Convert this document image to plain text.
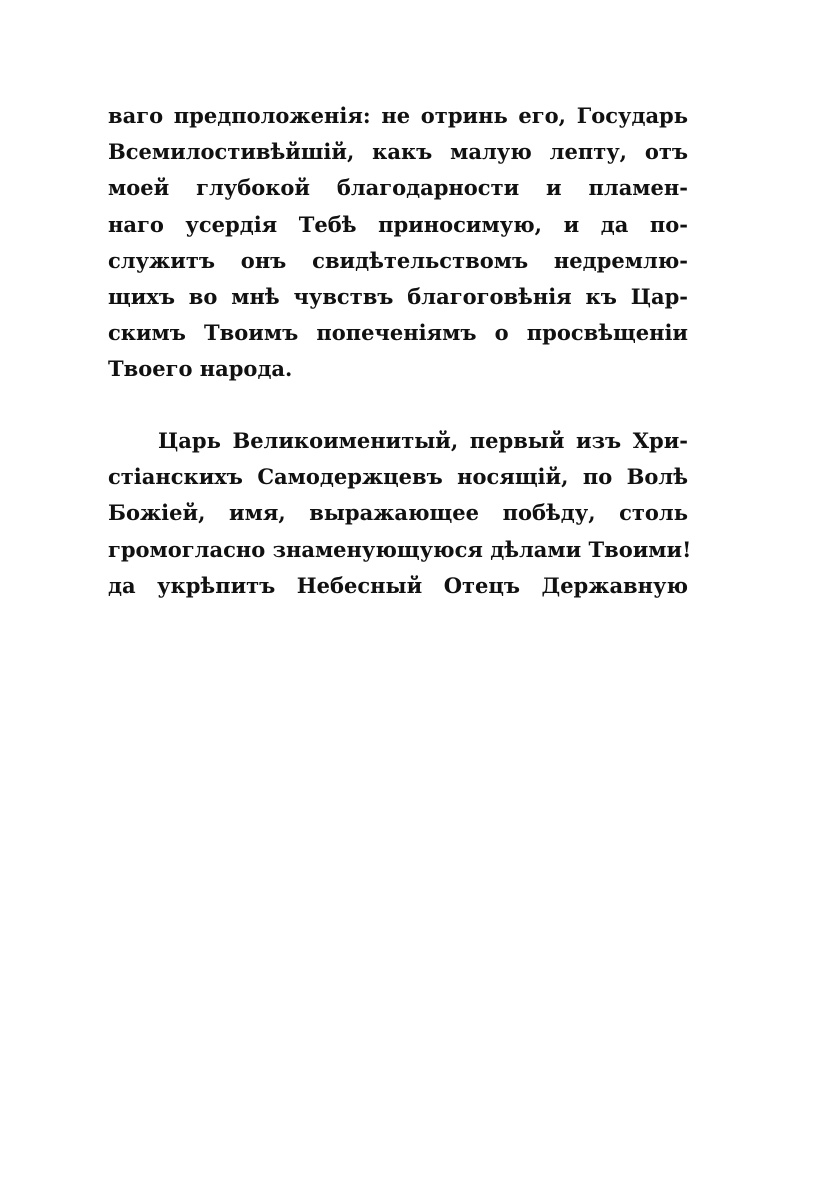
ваго предположенія: не отринь его, Государь
Всемилостивѣйшій, какъ малую лепту, отъ
моей глубокой благодарности и пламен-
наго усердія Тебѣ приносимую, и да по-
служитъ онъ свидѣтельствомъ недремлю-
щихъ во мнѣ чувствъ благоговѣнія къ Цар-
скимъ Твоимъ попеченіямъ о просвѣщеніи
Твоего народа.
Царь Великоименитый, первый изъ Хри-
стіанскихъ Самодержцевъ носящій, по Волѣ
Божіей, имя, выражающее побѣду, столь
громогласно знаменующуюся дѣлами Твоими!
да укрѣпитъ Небесный Отецъ Державную
